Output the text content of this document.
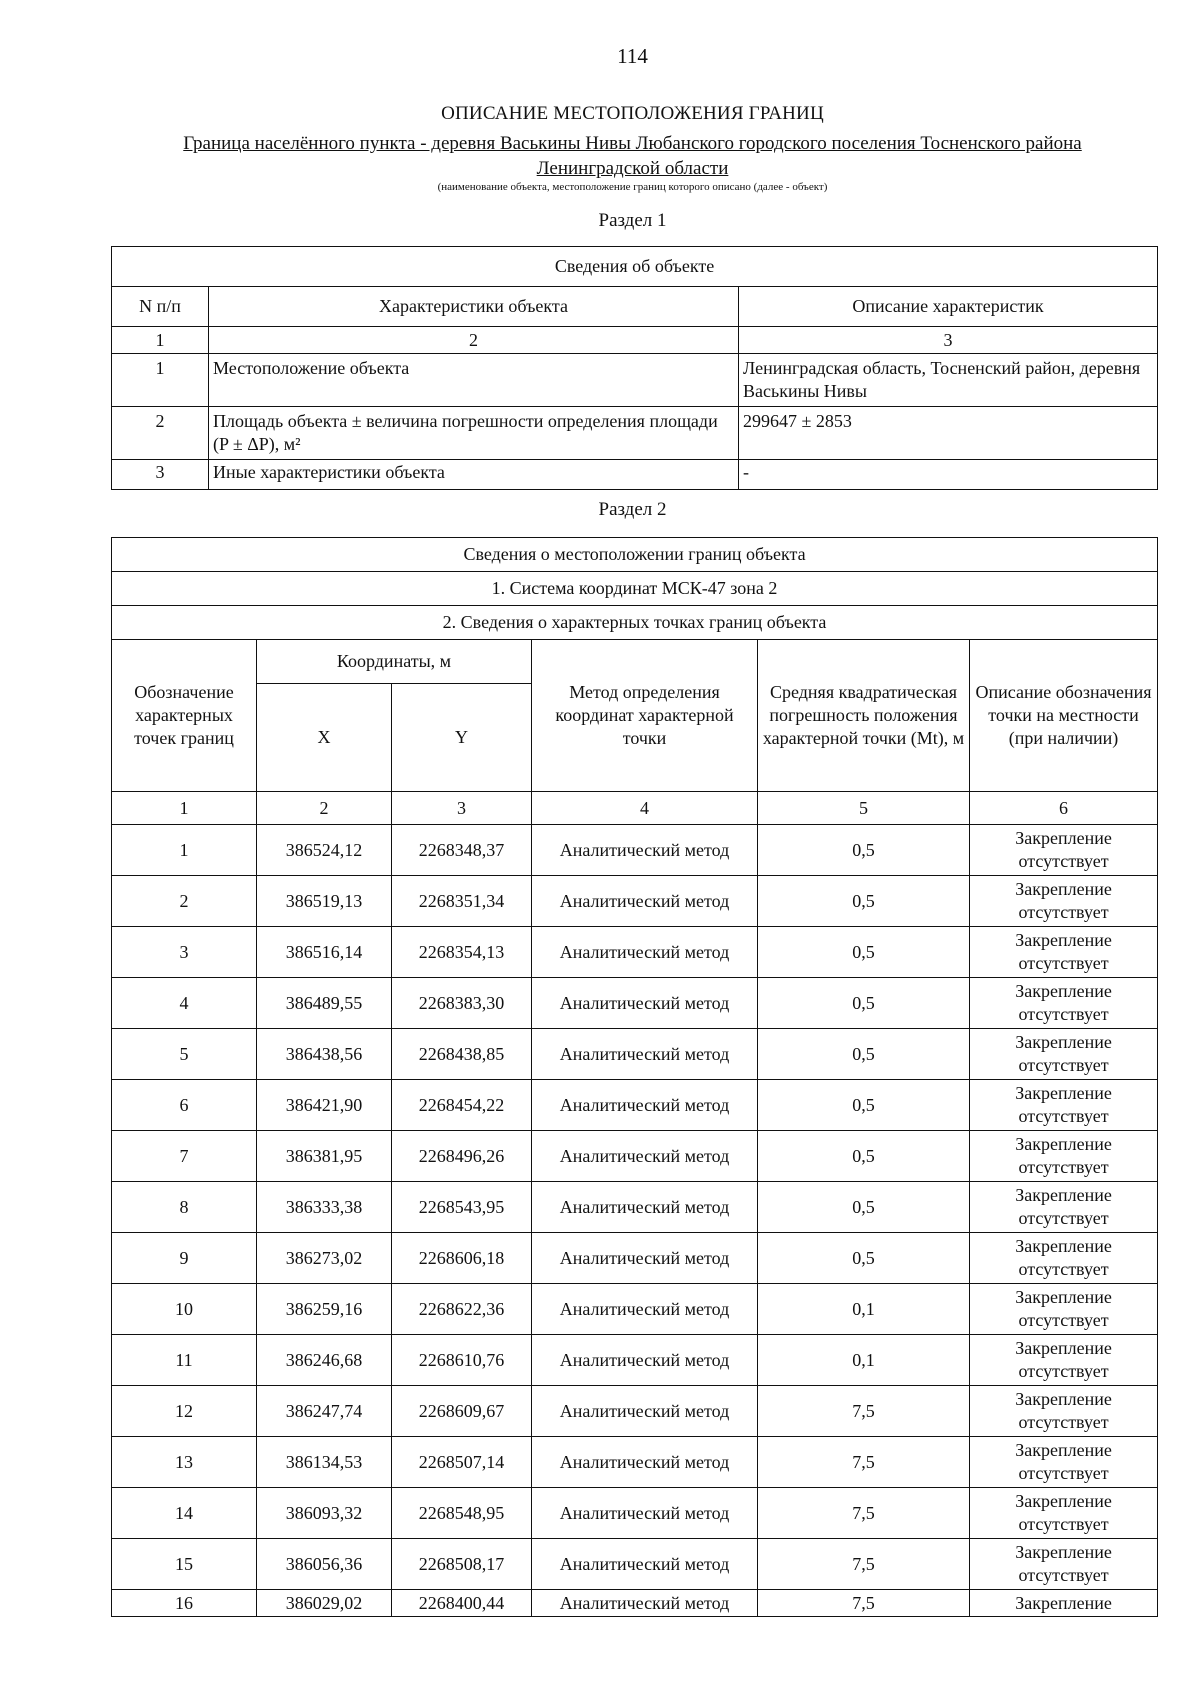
114
ОПИСАНИЕ МЕСТОПОЛОЖЕНИЯ ГРАНИЦ
Граница населённого пункта - деревня Васькины Нивы Любанского городского поселения Тосненского района Ленинградской области
(наименование объекта, местоположение границ которого описано (далее - объект)
Раздел 1
Сведения об объекте		
N п/п	Характеристики объекта	Описание характеристик
1	2	3
1	Местоположение объекта	Ленинградская область, Тосненский район, деревня Васькины Нивы
2	Площадь объекта ± величина погрешности определения площади (P ± ΔP), м²	299647 ± 2853
3	Иные характеристики объекта	-
Раздел 2
Сведения о местоположении границ объекта					
1. Система координат МСК-47 зона 2					
2. Сведения о характерных точках границ объекта					
Обозначение характерных точек границ	Координаты, м		Метод определения координат характерной точки	Средняя квадратическая погрешность положения характерной точки (Mt), м	Описание обозначения точки на местности (при наличии)
	X	Y			
1	2	3	4	5	6
1	386524,12	2268348,37	Аналитический метод	0,5	Закрепление отсутствует
2	386519,13	2268351,34	Аналитический метод	0,5	Закрепление отсутствует
3	386516,14	2268354,13	Аналитический метод	0,5	Закрепление отсутствует
4	386489,55	2268383,30	Аналитический метод	0,5	Закрепление отсутствует
5	386438,56	2268438,85	Аналитический метод	0,5	Закрепление отсутствует
6	386421,90	2268454,22	Аналитический метод	0,5	Закрепление отсутствует
7	386381,95	2268496,26	Аналитический метод	0,5	Закрепление отсутствует
8	386333,38	2268543,95	Аналитический метод	0,5	Закрепление отсутствует
9	386273,02	2268606,18	Аналитический метод	0,5	Закрепление отсутствует
10	386259,16	2268622,36	Аналитический метод	0,1	Закрепление отсутствует
11	386246,68	2268610,76	Аналитический метод	0,1	Закрепление отсутствует
12	386247,74	2268609,67	Аналитический метод	7,5	Закрепление отсутствует
13	386134,53	2268507,14	Аналитический метод	7,5	Закрепление отсутствует
14	386093,32	2268548,95	Аналитический метод	7,5	Закрепление отсутствует
15	386056,36	2268508,17	Аналитический метод	7,5	Закрепление отсутствует
16	386029,02	2268400,44	Аналитический метод	7,5	Закрепление
